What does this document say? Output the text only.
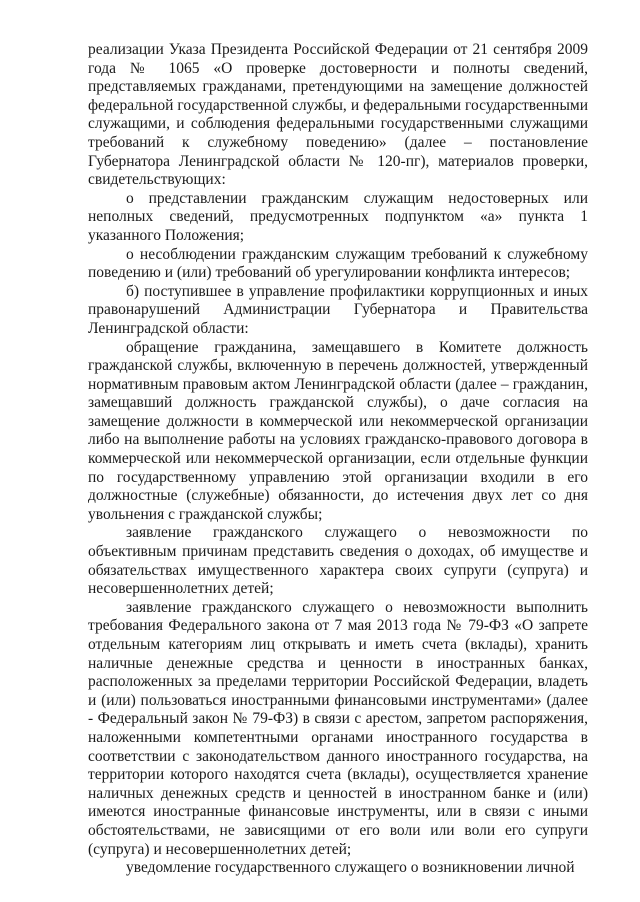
реализации Указа Президента Российской Федерации от 21 сентября 2009 года № 1065 «О проверке достоверности и полноты сведений, представляемых гражданами, претендующими на замещение должностей федеральной государственной службы, и федеральными государственными служащими, и соблюдения федеральными государственными служащими требований к служебному поведению» (далее – постановление Губернатора Ленинградской области № 120-пг), материалов проверки, свидетельствующих:

о представлении гражданским служащим недостоверных или неполных сведений, предусмотренных подпунктом «а» пункта 1 указанного Положения;

о несоблюдении гражданским служащим требований к служебному поведению и (или) требований об урегулировании конфликта интересов;

б) поступившее в управление профилактики коррупционных и иных правонарушений Администрации Губернатора и Правительства Ленинградской области:

обращение гражданина, замещавшего в Комитете должность гражданской службы, включенную в перечень должностей, утвержденный нормативным правовым актом Ленинградской области (далее – гражданин, замещавший должность гражданской службы), о даче согласия на замещение должности в коммерческой или некоммерческой организации либо на выполнение работы на условиях гражданско-правового договора в коммерческой или некоммерческой организации, если отдельные функции по государственному управлению этой организации входили в его должностные (служебные) обязанности, до истечения двух лет со дня увольнения с гражданской службы;

заявление гражданского служащего о невозможности по объективным причинам представить сведения о доходах, об имуществе и обязательствах имущественного характера своих супруги (супруга) и несовершеннолетних детей;

заявление гражданского служащего о невозможности выполнить требования Федерального закона от 7 мая 2013 года № 79-ФЗ «О запрете отдельным категориям лиц открывать и иметь счета (вклады), хранить наличные денежные средства и ценности в иностранных банках, расположенных за пределами территории Российской Федерации, владеть и (или) пользоваться иностранными финансовыми инструментами» (далее - Федеральный закон № 79-ФЗ) в связи с арестом, запретом распоряжения, наложенными компетентными органами иностранного государства в соответствии с законодательством данного иностранного государства, на территории которого находятся счета (вклады), осуществляется хранение наличных денежных средств и ценностей в иностранном банке и (или) имеются иностранные финансовые инструменты, или в связи с иными обстоятельствами, не зависящими от его воли или воли его супруги (супруга) и несовершеннолетних детей;

уведомление государственного служащего о возникновении личной
